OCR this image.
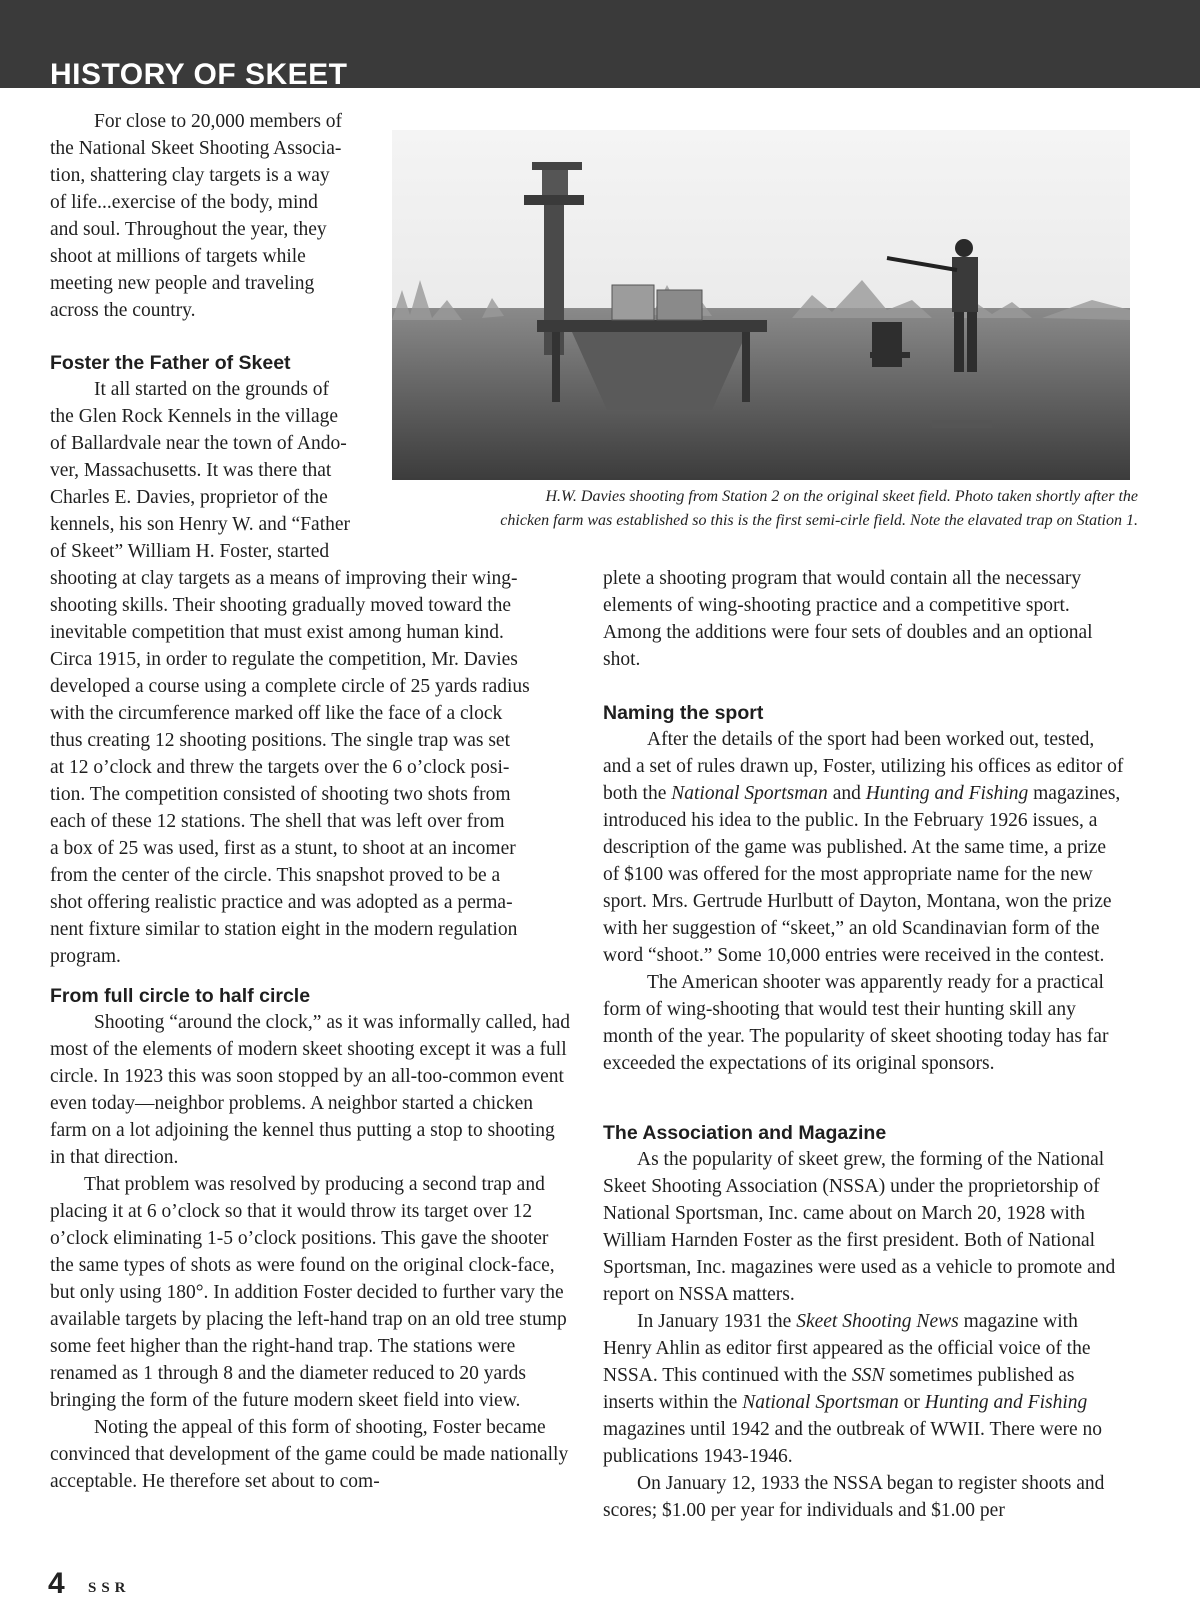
HISTORY OF SKEET
For close to 20,000 members of
the National Skeet Shooting Associa-
tion, shattering clay targets is a way
of life...exercise of the body, mind
and soul. Throughout the year, they
shoot at millions of targets while
meeting new people and traveling
across the country.
Foster the Father of Skeet
It all started on the grounds of
the Glen Rock Kennels in the village
of Ballardvale near the town of Ando-
ver, Massachusetts. It was there that
Charles E. Davies, proprietor of the
kennels, his son Henry W. and “Father
of Skeet” William H. Foster, started
shooting at clay targets as a means of improving their wing-
shooting skills. Their shooting gradually moved toward the
inevitable competition that must exist among human kind.
Circa 1915, in order to regulate the competition, Mr. Davies
developed a course using a complete circle of 25 yards radius
with the circumference marked off like the face of a clock
thus creating 12 shooting positions. The single trap was set
at 12 o’clock and threw the targets over the 6 o’clock posi-
tion. The competition consisted of shooting two shots from
each of these 12 stations. The shell that was left over from
a box of 25 was used, first as a stunt, to shoot at an incomer
from the center of the circle. This snapshot proved to be a
shot offering realistic practice and was adopted as a perma-
nent fixture similar to station eight in the modern regulation
program.
H.W. Davies shooting from Station 2 on the original skeet field. Photo taken shortly after the
chicken farm was established so this is the first semi-cirle field. Note the elavated trap on Station 1.
From full circle to half circle

Shooting “around the clock,” as it was informally called, had most of the elements of modern skeet shooting except it was a full circle. In 1923 this was soon stopped by an all-too-common event even today—neighbor problems. A neighbor started a chicken farm on a lot adjoining the kennel thus putting a stop to shooting in that direction.

That problem was resolved by producing a second trap and placing it at 6 o’clock so that it would throw its target over 12 o’clock eliminating 1-5 o’clock positions. This gave the shooter the same types of shots as were found on the original clock-face, but only using 180°. In addition Foster decided to further vary the available targets by placing the left-hand trap on an old tree stump some feet higher than the right-hand trap. The stations were renamed as 1 through 8 and the diameter reduced to 20 yards bringing the form of the future modern skeet field into view.

Noting the appeal of this form of shooting, Foster became convinced that development of the game could be made nationally acceptable. He therefore set about to com-

plete a shooting program that would contain all the necessary elements of wing-shooting practice and a competitive sport. Among the additions were four sets of doubles and an optional shot.

Naming the sport

After the details of the sport had been worked out, tested, and a set of rules drawn up, Foster, utilizing his offices as editor of both the National Sportsman and Hunting and Fishing magazines, introduced his idea to the public. In the February 1926 issues, a description of the game was published. At the same time, a prize of $100 was offered for the most appropriate name for the new sport. Mrs. Gertrude Hurlbutt of Dayton, Montana, won the prize with her suggestion of “skeet,” an old Scandinavian form of the word “shoot.” Some 10,000 entries were received in the contest.

The American shooter was apparently ready for a practical form of wing-shooting that would test their hunting skill any month of the year. The popularity of skeet shooting today has far exceeded the expectations of its original sponsors.

The Association and Magazine

As the popularity of skeet grew, the forming of the National Skeet Shooting Association (NSSA) under the proprietorship of National Sportsman, Inc. came about on March 20, 1928 with William Harnden Foster as the first president. Both of National Sportsman, Inc. magazines were used as a vehicle to promote and report on NSSA matters.

In January 1931 the Skeet Shooting News magazine with Henry Ahlin as editor first appeared as the official voice of the NSSA. This continued with the SSN sometimes published as inserts within the National Sportsman or Hunting and Fishing magazines until 1942 and the outbreak of WWII. There were no publications 1943-1946.

On January 12, 1933 the NSSA began to register shoots and scores; $1.00 per year for individuals and $1.00 per

4 SSR
